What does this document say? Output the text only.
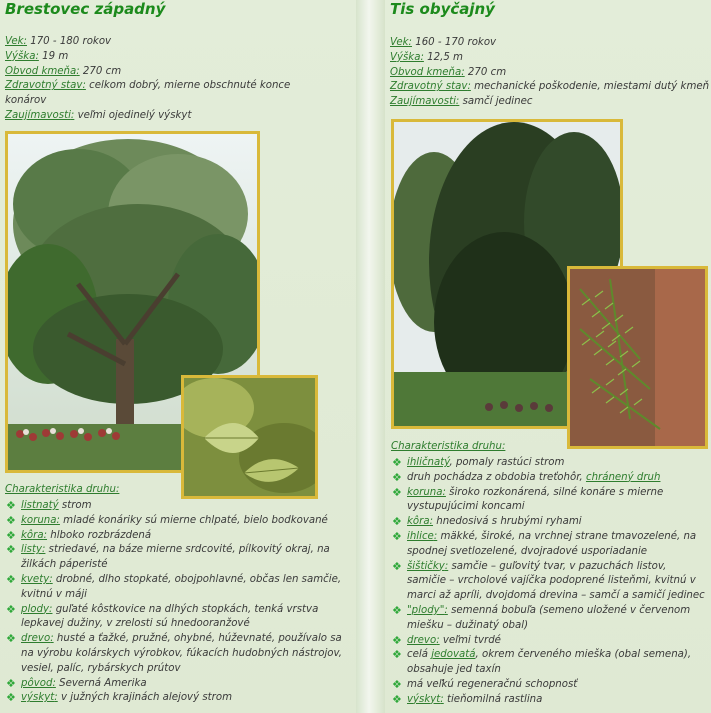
Brestovec západný
Vek : 170 - 180 rokov
Výška : 19 m
Obvod kmeňa : 270 cm
Zdravotný stav : celkom dobrý, mierne obschnuté konce konárov
Zaujímavosti : veľmi ojedinelý výskyt

Charakteristika druhu:

❖ listnatý strom
❖ koruna : mladé konáriky sú mierne chlpaté, bielo bodkované
❖ kôra : hlboko rozbrázdená
❖ listy : striedavé, na báze mierne srdcovité, pílkovitý okraj, na žilkách páperisté
❖ kvety : drobné, dlho stopkaté, obojpohlavné, občas len samčie, kvitnú v máji
❖ plody : guľaté kôstkovice na dlhých stopkách, tenká vrstva lepkavej dužiny, v zrelosti sú hnedooranžové
❖ drevo : husté a ťažké, pružné, ohybné, húževnaté, používalo sa na výrobu kolárskych výrobkov, fúkacích hudobných nástrojov, vesiel, palíc, rybárskych prútov
❖ pôvod : Severná Amerika
❖ výskyt : v južných krajinách alejový strom
Tis obyčajný
Vek : 160 - 170 rokov
Výška : 12,5 m
Obvod kmeňa : 270 cm
Zdravotný stav : mechanické poškodenie, miestami dutý kmeň
Zaujímavosti : samčí jedinec

Charakteristika druhu:

❖ ihličnatý, pomaly rastúci strom
❖ druh pochádza z obdobia treťohôr, chránený druh
❖ koruna : široko rozkonárená, silné konáre s mierne vystupujúcimi koncami
❖ kôra : hnedosivá s hrubými ryhami
❖ ihlice : mäkké, široké, na vrchnej strane tmavozelené, na spodnej svetlozelené, dvojradové usporiadanie
❖ šištičky : samčie – guľovitý tvar, v pazuchách listov, samičie – vrcholové vajíčka podoprené listeňmi, kvitnú v marci až apríli, dvojdomá drevina – samčí a samičí jedinec
❖ "plody" : semenná bobuľa (semeno uložené v červenom miešku – dužinatý obal)
❖ drevo : veľmi tvrdé
❖ celá jedovatá, okrem červeného mieška (obal semena), obsahuje jed taxín
❖ má veľkú regeneračnú schopnosť
❖ výskyt : tieňomilná rastlina
